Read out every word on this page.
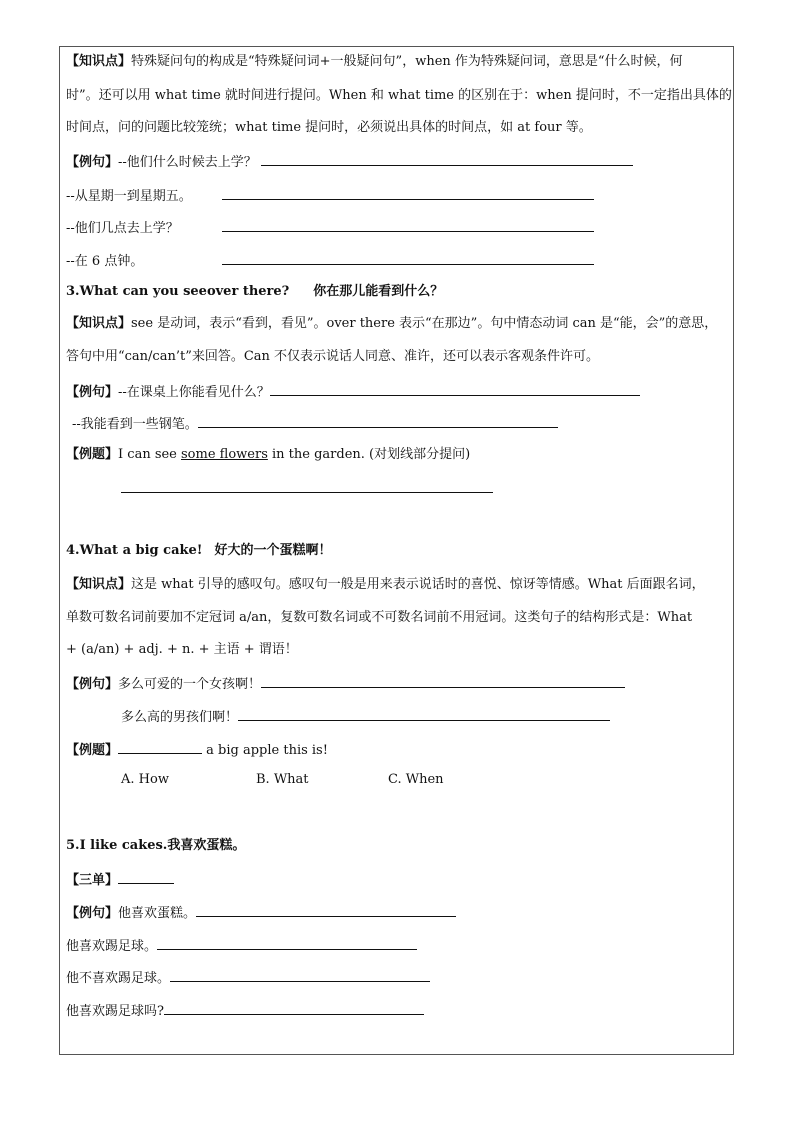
【知识点】特殊疑问句的构成是“特殊疑问词+一般疑问句”，when 作为特殊疑问词，意思是“什么时候，何
时”。还可以用 what time 就时间进行提问。When 和 what time 的区别在于：when 提问时，不一定指出具体的
时间点，问的问题比较笼统；what time 提问时，必须说出具体的时间点，如 at four 等。
【例句】--他们什么时候去上学？
--从星期一到星期五。
--他们几点去上学？
--在 6 点钟。
3.What can you seeover there? 你在那儿能看到什么？
【知识点】see 是动词，表示“看到，看见”。over there 表示“在那边”。句中情态动词 can 是“能，会”的意思，
答句中用“can/can’t”来回答。Can 不仅表示说话人同意、准许，还可以表示客观条件许可。
【例句】--在课桌上你能看见什么？
--我能看到一些钢笔。
【例题】I can see some flowers in the garden. (对划线部分提问)
4.What a big cake! 好大的一个蛋糕啊！
【知识点】这是 what 引导的感叹句。感叹句一般是用来表示说话时的喜悦、惊讶等情感。What 后面跟名词，
单数可数名词前要加不定冠词 a/an，复数可数名词或不可数名词前不用冠词。这类句子的结构形式是：What
+ (a/an) + adj. + n. + 主语 + 谓语！
【例句】多么可爱的一个女孩啊！
多么高的男孩们啊！
【例题】	a big apple this is!
A. How	B. What	C. When
5.I like cakes.我喜欢蛋糕。
【三单】
【例句】他喜欢蛋糕。
他喜欢踢足球。
他不喜欢踢足球。
他喜欢踢足球吗?
